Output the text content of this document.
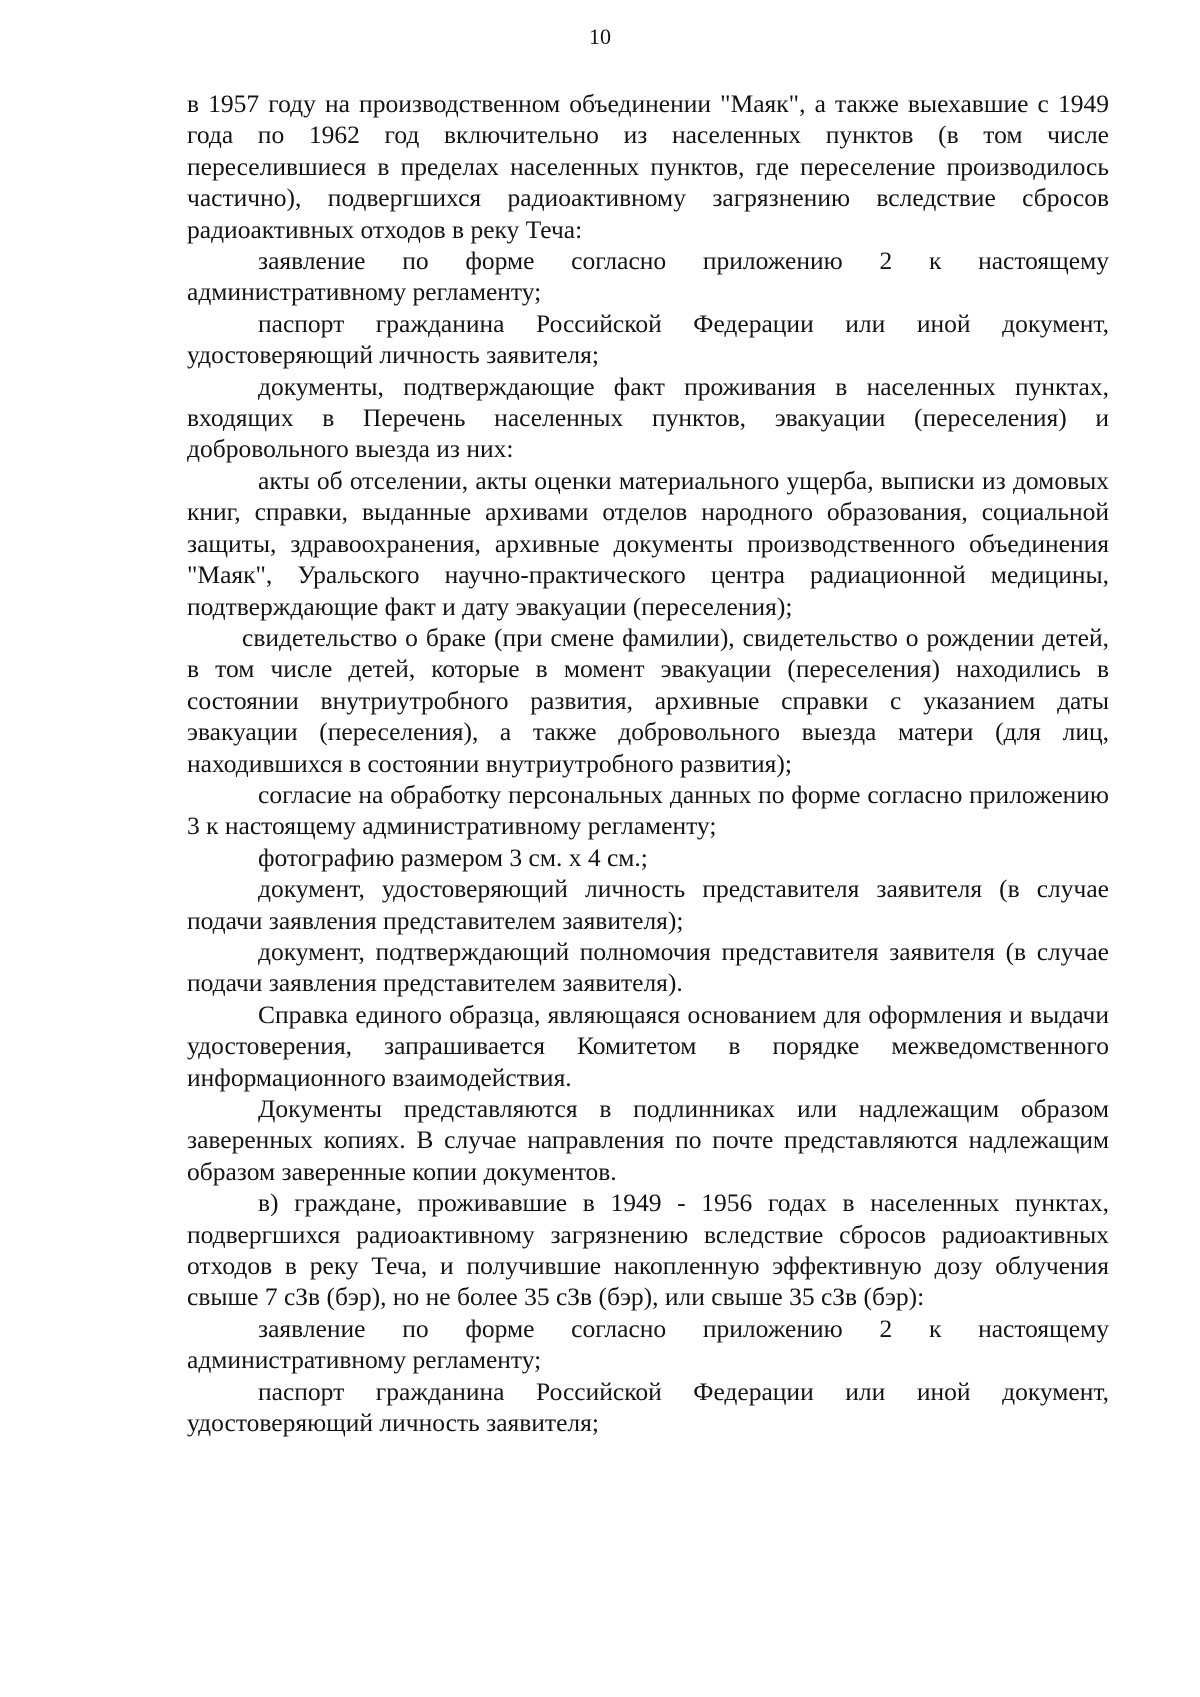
10

в 1957 году на производственном объединении "Маяк", а также выехавшие с 1949 года по 1962 год включительно из населенных пунктов (в том числе переселившиеся в пределах населенных пунктов, где переселение производилось частично), подвергшихся радиоактивному загрязнению вследствие сбросов радиоактивных отходов в реку Теча:

заявление по форме согласно приложению 2 к настоящему административному регламенту;

паспорт гражданина Российской Федерации или иной документ, удостоверяющий личность заявителя;

документы, подтверждающие факт проживания в населенных пунктах, входящих в Перечень населенных пунктов, эвакуации (переселения) и добровольного выезда из них:

акты об отселении, акты оценки материального ущерба, выписки из домовых книг, справки, выданные архивами отделов народного образования, социальной защиты, здравоохранения, архивные документы производственного объединения "Маяк", Уральского научно-практического центра радиационной медицины, подтверждающие факт и дату эвакуации (переселения);

свидетельство о браке (при смене фамилии), свидетельство о рождении детей, в том числе детей, которые в момент эвакуации (переселения) находились в состоянии внутриутробного развития, архивные справки с указанием даты эвакуации (переселения), а также добровольного выезда матери (для лиц, находившихся в состоянии внутриутробного развития);

согласие на обработку персональных данных по форме согласно приложению 3 к настоящему административному регламенту;

фотографию размером 3 см. х 4 см.;

документ, удостоверяющий личность представителя заявителя (в случае подачи заявления представителем заявителя);

документ, подтверждающий полномочия представителя заявителя (в случае подачи заявления представителем заявителя).

Справка единого образца, являющаяся основанием для оформления и выдачи удостоверения, запрашивается Комитетом в порядке межведомственного информационного взаимодействия.

Документы представляются в подлинниках или надлежащим образом заверенных копиях. В случае направления по почте представляются надлежащим образом заверенные копии документов.

в) граждане, проживавшие в 1949 - 1956 годах в населенных пунктах, подвергшихся радиоактивному загрязнению вследствие сбросов радиоактивных отходов в реку Теча, и получившие накопленную эффективную дозу облучения свыше 7 сЗв (бэр), но не более 35 сЗв (бэр), или свыше 35 сЗв (бэр):

заявление по форме согласно приложению 2 к настоящему административному регламенту;

паспорт гражданина Российской Федерации или иной документ, удостоверяющий личность заявителя;
